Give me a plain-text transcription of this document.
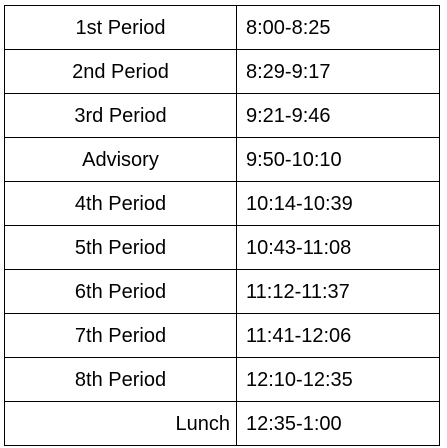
1st Period	8:00-8:25
2nd Period	8:29-9:17
3rd Period	9:21-9:46
Advisory	9:50-10:10
4th Period	10:14-10:39
5th Period	10:43-11:08
6th Period	11:12-11:37
7th Period	11:41-12:06
8th Period	12:10-12:35
Lunch	12:35-1:00
